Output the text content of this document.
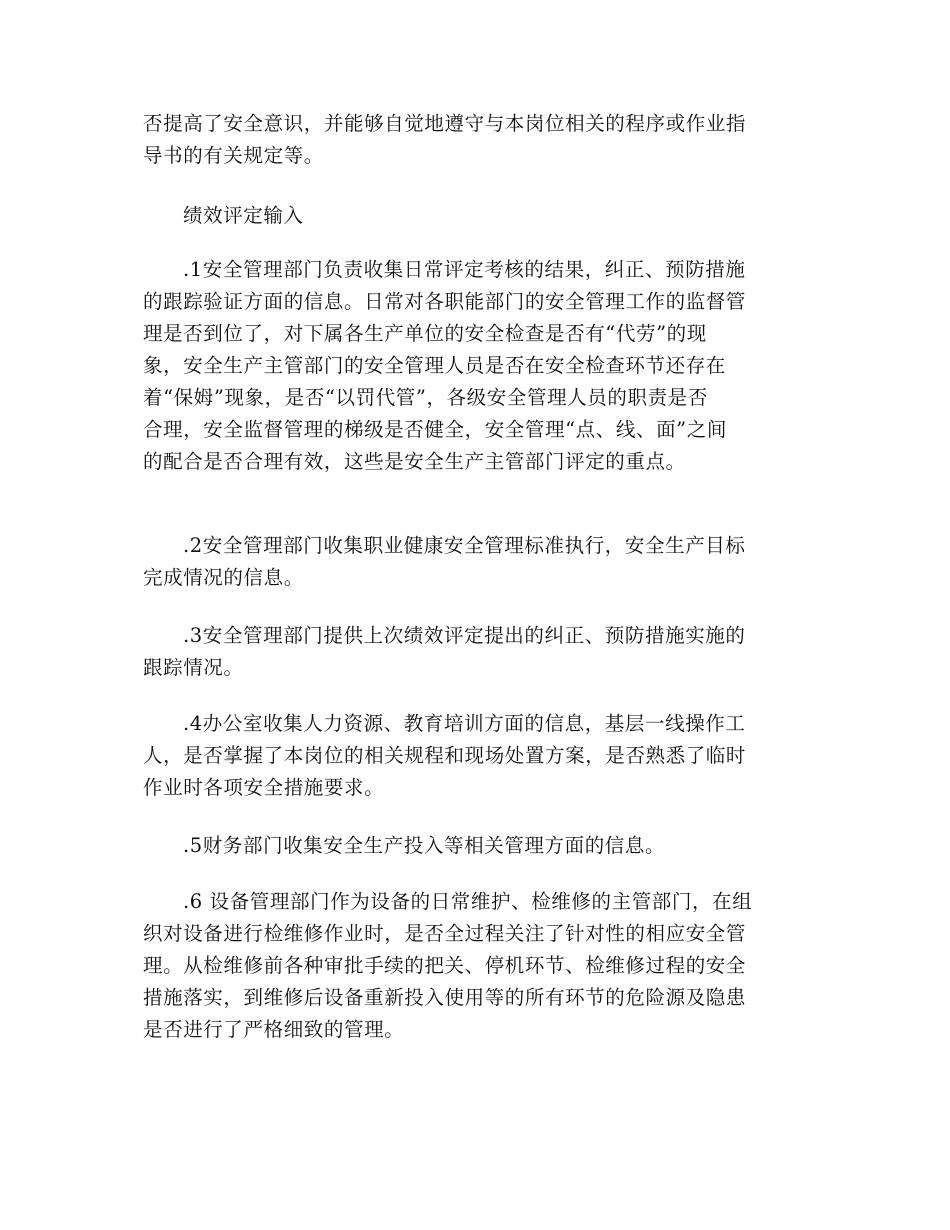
否提高了安全意识，并能够自觉地遵守与本岗位相关的程序或作业指
导书的有关规定等。

绩效评定输入

.1安全管理部门负责收集日常评定考核的结果，纠正、预防措施
的跟踪验证方面的信息。日常对各职能部门的安全管理工作的监督管
理是否到位了，对下属各生产单位的安全检查是否有“代劳”的现
象，安全生产主管部门的安全管理人员是否在安全检查环节还存在
着“保姆”现象，是否“以罚代管”，各级安全管理人员的职责是否
合理，安全监督管理的梯级是否健全，安全管理“点、线、面”之间
的配合是否合理有效，这些是安全生产主管部门评定的重点。

.2安全管理部门收集职业健康安全管理标准执行，安全生产目标
完成情况的信息。

.3安全管理部门提供上次绩效评定提出的纠正、预防措施实施的
跟踪情况。

.4办公室收集人力资源、教育培训方面的信息，基层一线操作工
人，是否掌握了本岗位的相关规程和现场处置方案，是否熟悉了临时
作业时各项安全措施要求。

.5财务部门收集安全生产投入等相关管理方面的信息。

.6 设备管理部门作为设备的日常维护、检维修的主管部门，在组
织对设备进行检维修作业时，是否全过程关注了针对性的相应安全管
理。从检维修前各种审批手续的把关、停机环节、检维修过程的安全
措施落实，到维修后设备重新投入使用等的所有环节的危险源及隐患
是否进行了严格细致的管理。
